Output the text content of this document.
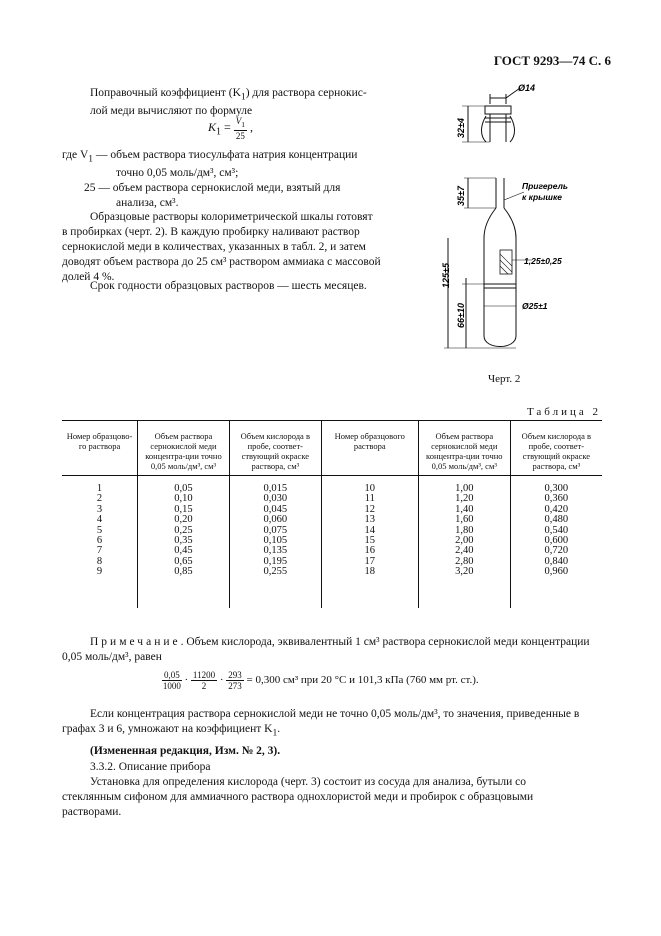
ГОСТ 9293—74 С. 6
Поправочный коэффициент $(K_1)$ для раствора сернокис-
лой меди вычисляют по формуле
$K_1 = \frac{V_1}{25}$ ,
где $V_1$ — объем раствора тиосульфата натрия концентрации
точно 0,05 моль/дм³, см³;
25 — объем раствора сернокислой меди, взятый для
анализа, см³.
Образцовые растворы колориметрической шкалы готовят
в пробирках (черт. 2). В каждую пробирку наливают раствор
сернокислой меди в количествах, указанных в табл. 2, и затем
доводят объем раствора до 25 см³ раствором аммиака с массовой
долей 4 %.
Срок годности образцовых растворов — шесть месяцев.
Ø14
32±4
35±7
125±5
66±10
Пригерель
к крышке
1,25±0,25
Ø25±1
Черт. 2
Таблица 2
Номер образцово-го раствора	Объем раствора сернокислой меди концентра-ции точно 0,05 моль/дм³, см³	Объем кислорода в пробе, соответ-ствующий окраске раствора, см³	Номер образцового раствора	Объем раствора сернокислой меди концентра-ции точно 0,05 моль/дм³, см³	Объем кислорода в пробе, соответ-ствующий окраске раствора, см³
1	0,05	0,015	10	1,00	0,300
2	0,10	0,030	11	1,20	0,360
3	0,15	0,045	12	1,40	0,420
4	0,20	0,060	13	1,60	0,480
5	0,25	0,075	14	1,80	0,540
6	0,35	0,105	15	2,00	0,600
7	0,45	0,135	16	2,40	0,720
8	0,65	0,195	17	2,80	0,840
9	0,85	0,255	18	3,20	0,960
Примечание. Объем кислорода, эквивалентный 1 см³ раствора сернокислой меди концентрации
0,05 моль/дм³, равен
$\frac{0,05}{1000} \cdot \frac{11200}{2} \cdot \frac{293}{273} = 0,300$ см³ при 20 °С и 101,3 кПа (760 мм рт. ст.).
Если концентрация раствора сернокислой меди не точно 0,05 моль/дм³, то значения, приведенные в
графах 3 и 6, умножают на коэффициент $K_1$.
(Измененная редакция, Изм. № 2, 3).
3.3.2. Описание прибора
Установка для определения кислорода (черт. 3) состоит из сосуда для анализа, бутыли со
стеклянным сифоном для аммиачного раствора однохлористой меди и пробирок с образцовыми
растворами.
